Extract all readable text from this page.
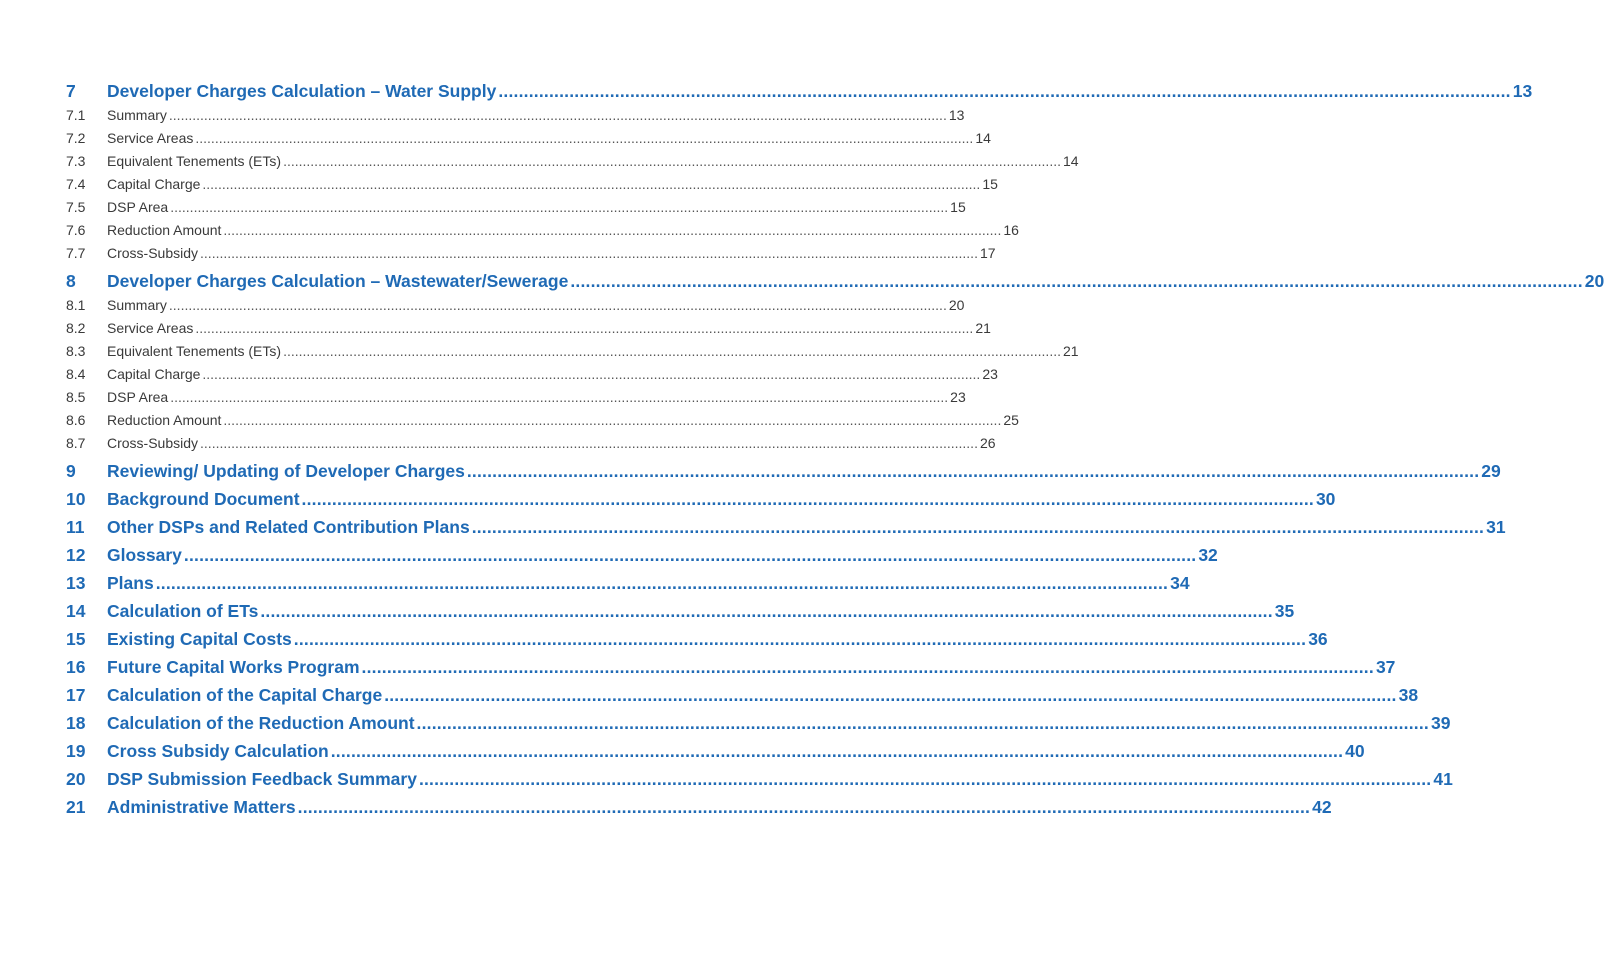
7	Developer Charges Calculation – Water Supply ........................................................................................................................................................................................................ 13
7.1	Summary ........................................................................................................................................................................................................ 13
7.2	Service Areas ........................................................................................................................................................................................................ 14
7.3	Equivalent Tenements (ETs) ........................................................................................................................................................................................................ 14
7.4	Capital Charge ........................................................................................................................................................................................................ 15
7.5	DSP Area ........................................................................................................................................................................................................ 15
7.6	Reduction Amount ........................................................................................................................................................................................................ 16
7.7	Cross-Subsidy ........................................................................................................................................................................................................ 17
8	Developer Charges Calculation – Wastewater/Sewerage ........................................................................................................................................................................................................ 20
8.1	Summary ........................................................................................................................................................................................................ 20
8.2	Service Areas ........................................................................................................................................................................................................ 21
8.3	Equivalent Tenements (ETs) ........................................................................................................................................................................................................ 21
8.4	Capital Charge ........................................................................................................................................................................................................ 23
8.5	DSP Area ........................................................................................................................................................................................................ 23
8.6	Reduction Amount ........................................................................................................................................................................................................ 25
8.7	Cross-Subsidy ........................................................................................................................................................................................................ 26
9	Reviewing/ Updating of Developer Charges ........................................................................................................................................................................................................ 29
10	Background Document ........................................................................................................................................................................................................ 30
11	Other DSPs and Related Contribution Plans ........................................................................................................................................................................................................ 31
12	Glossary ........................................................................................................................................................................................................ 32
13	Plans ........................................................................................................................................................................................................ 34
14	Calculation of ETs ........................................................................................................................................................................................................ 35
15	Existing Capital Costs ........................................................................................................................................................................................................ 36
16	Future Capital Works Program ........................................................................................................................................................................................................ 37
17	Calculation of the Capital Charge ........................................................................................................................................................................................................ 38
18	Calculation of the Reduction Amount ........................................................................................................................................................................................................ 39
19	Cross Subsidy Calculation ........................................................................................................................................................................................................ 40
20	DSP Submission Feedback Summary ........................................................................................................................................................................................................ 41
21	Administrative Matters ........................................................................................................................................................................................................ 42
